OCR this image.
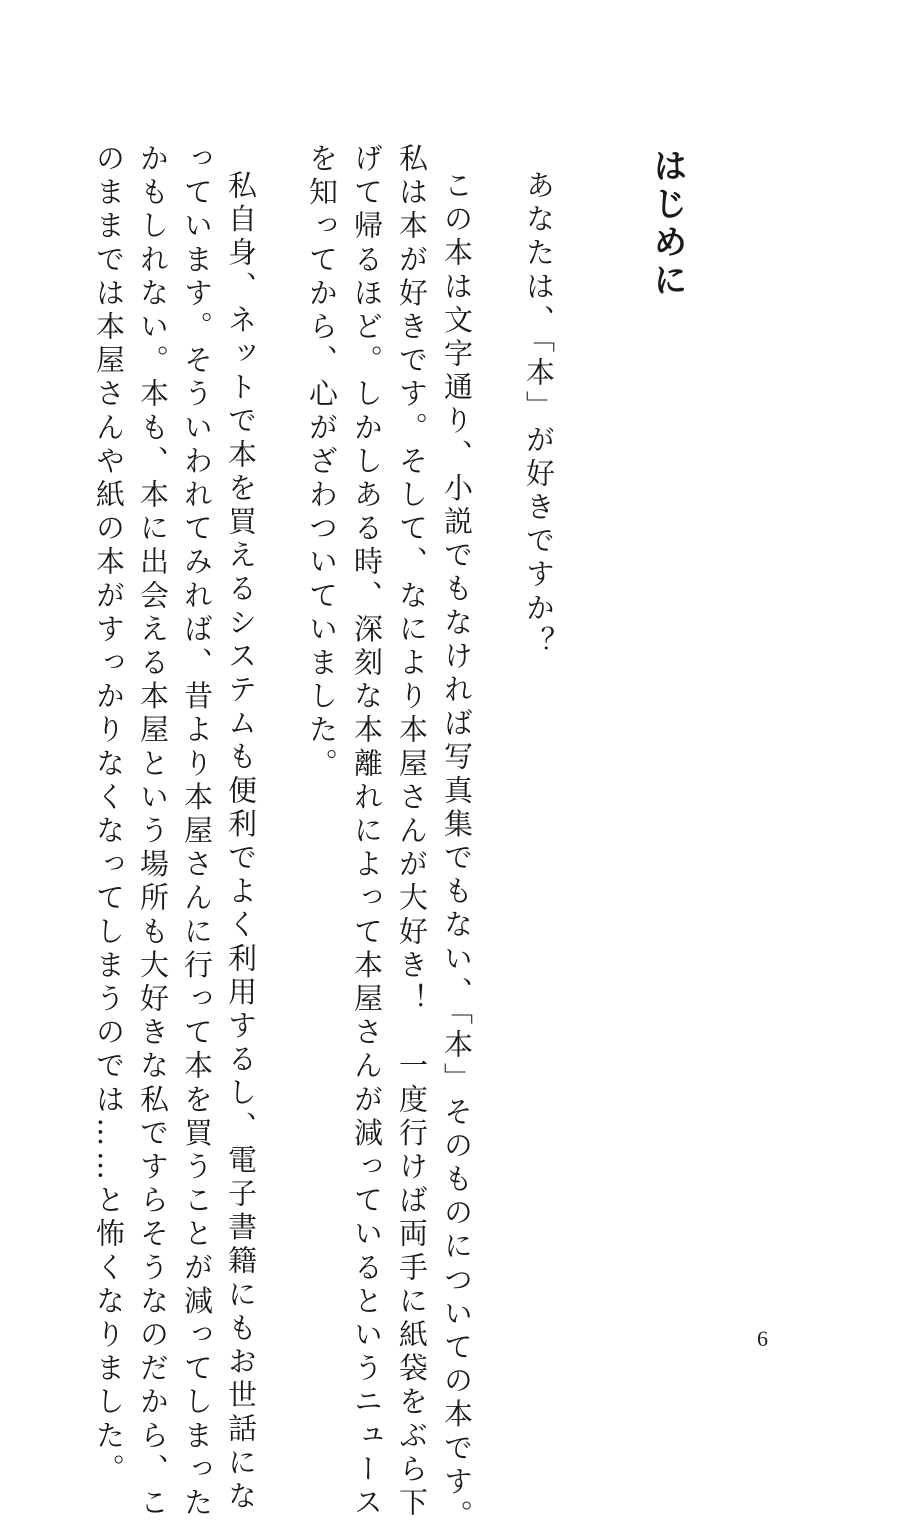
はじめに
あなたは、「本」が好きですか？
この本は文字通り、小説でもなければ写真集でもない、「本」そのものについての本です。
私は本が好きです。そして、なにより本屋さんが大好き！　一度行けば両手に紙袋をぶら下
げて帰るほど。しかしある時、深刻な本離れによって本屋さんが減っているというニュース
を知ってから、心がざわついていました。
私自身、ネットで本を買えるシステムも便利でよく利用するし、電子書籍にもお世話にな
っています。そういわれてみれば、昔より本屋さんに行って本を買うことが減ってしまった
かもしれない。本も、本に出会える本屋という場所も大好きな私ですらそうなのだから、こ
のままでは本屋さんや紙の本がすっかりなくなってしまうのでは……と怖くなりました。	6
